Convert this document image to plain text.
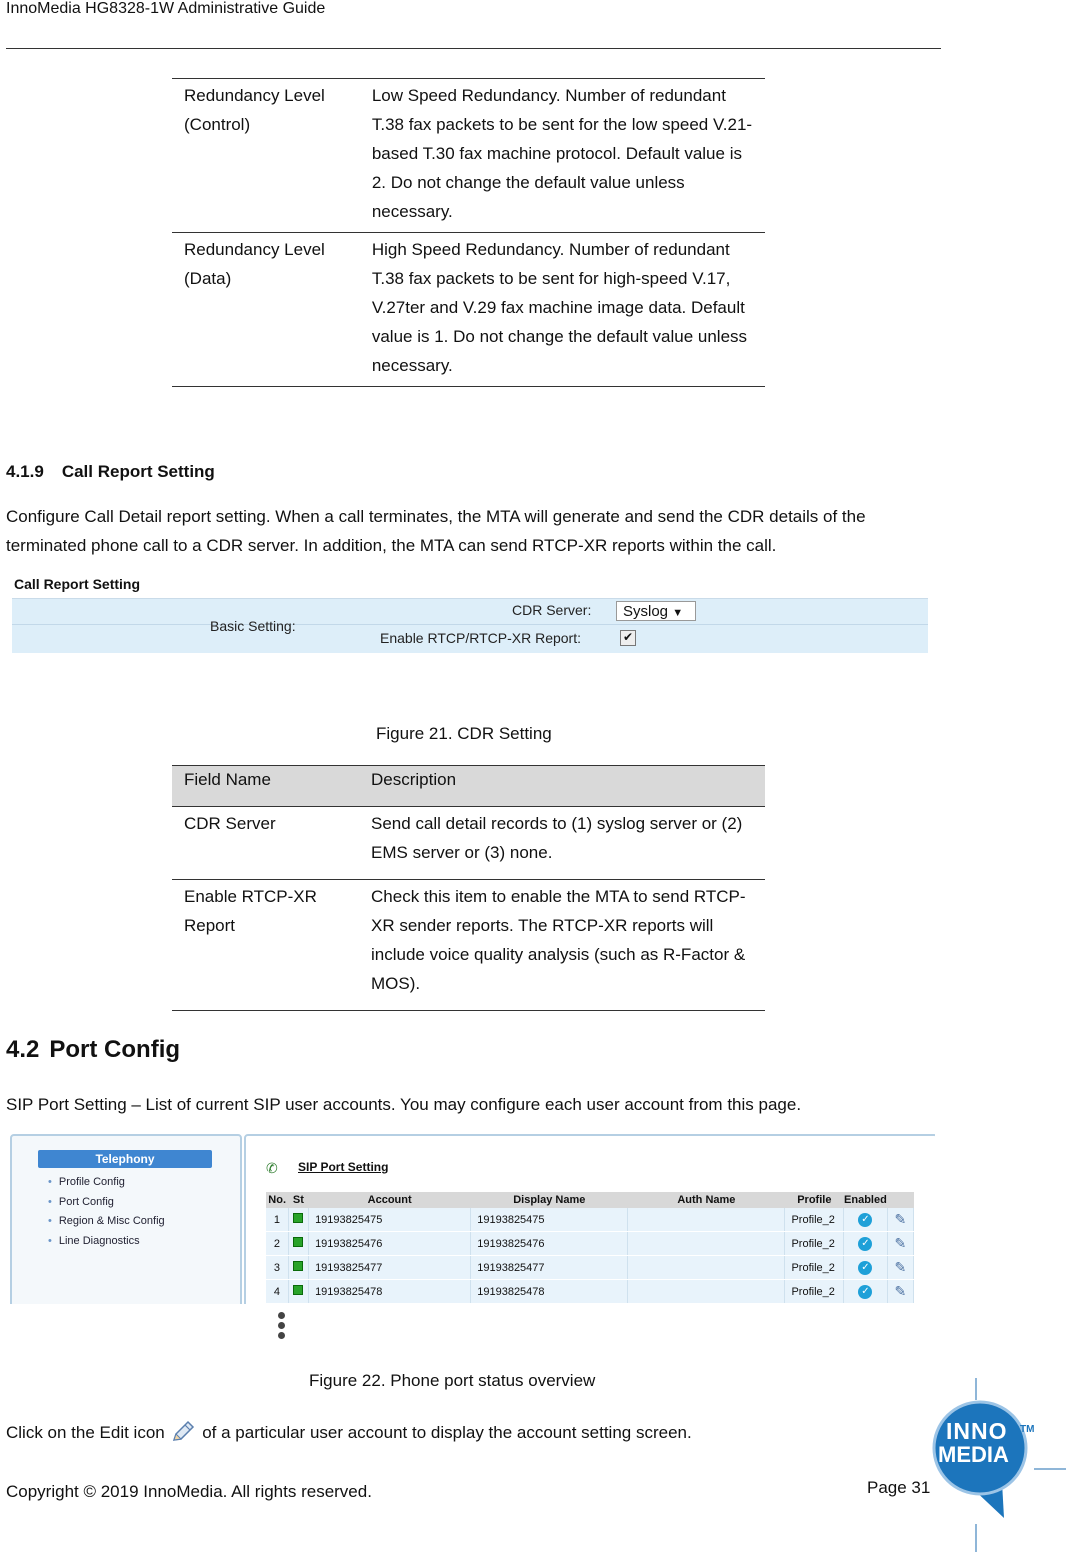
InnoMedia HG8328-1W Administrative Guide
Redundancy Level (Control)	Low Speed Redundancy. Number of redundant T.38 fax packets to be sent for the low speed V.21-based T.30 fax machine protocol. Default value is 2. Do not change the default value unless necessary.
Redundancy Level (Data)	High Speed Redundancy. Number of redundant T.38 fax packets to be sent for high-speed V.17, V.27ter and V.29 fax machine image data. Default value is 1. Do not change the default value unless necessary.
4.1.9 Call Report Setting
Configure Call Detail report setting. When a call terminates, the MTA will generate and send the CDR details of the terminated phone call to a CDR server. In addition, the MTA can send RTCP-XR reports within the call.
Call Report Setting
Basic Setting:
CDR Server:	Syslog ▼
Enable RTCP/RTCP-XR Report:	✔
Figure 21. CDR Setting
Field Name	Description
CDR Server	Send call detail records to (1) syslog server or (2) EMS server or (3) none.
Enable RTCP-XR Report	Check this item to enable the MTA to send RTCP-XR sender reports. The RTCP-XR reports will include voice quality analysis (such as R-Factor & MOS).
4.2 Port Config
SIP Port Setting – List of current SIP user accounts. You may configure each user account from this page.
Telephony
• Profile Config
• Port Config
• Region & Misc Config
• Line Diagnostics
✆ SIP Port Setting
No.	St	Account	Display Name	Auth Name	Profile	Enabled	
1		19193825475	19193825475		Profile_2	✓	✎
2		19193825476	19193825476		Profile_2	✓	✎
3		19193825477	19193825477		Profile_2	✓	✎
4		19193825478	19193825478		Profile_2	✓	✎
Figure 22. Phone port status overview
Click on the Edit icon of a particular user account to display the account setting screen.
Copyright © 2019 InnoMedia. All rights reserved.	Page 31
INNO
MEDIA
TM
